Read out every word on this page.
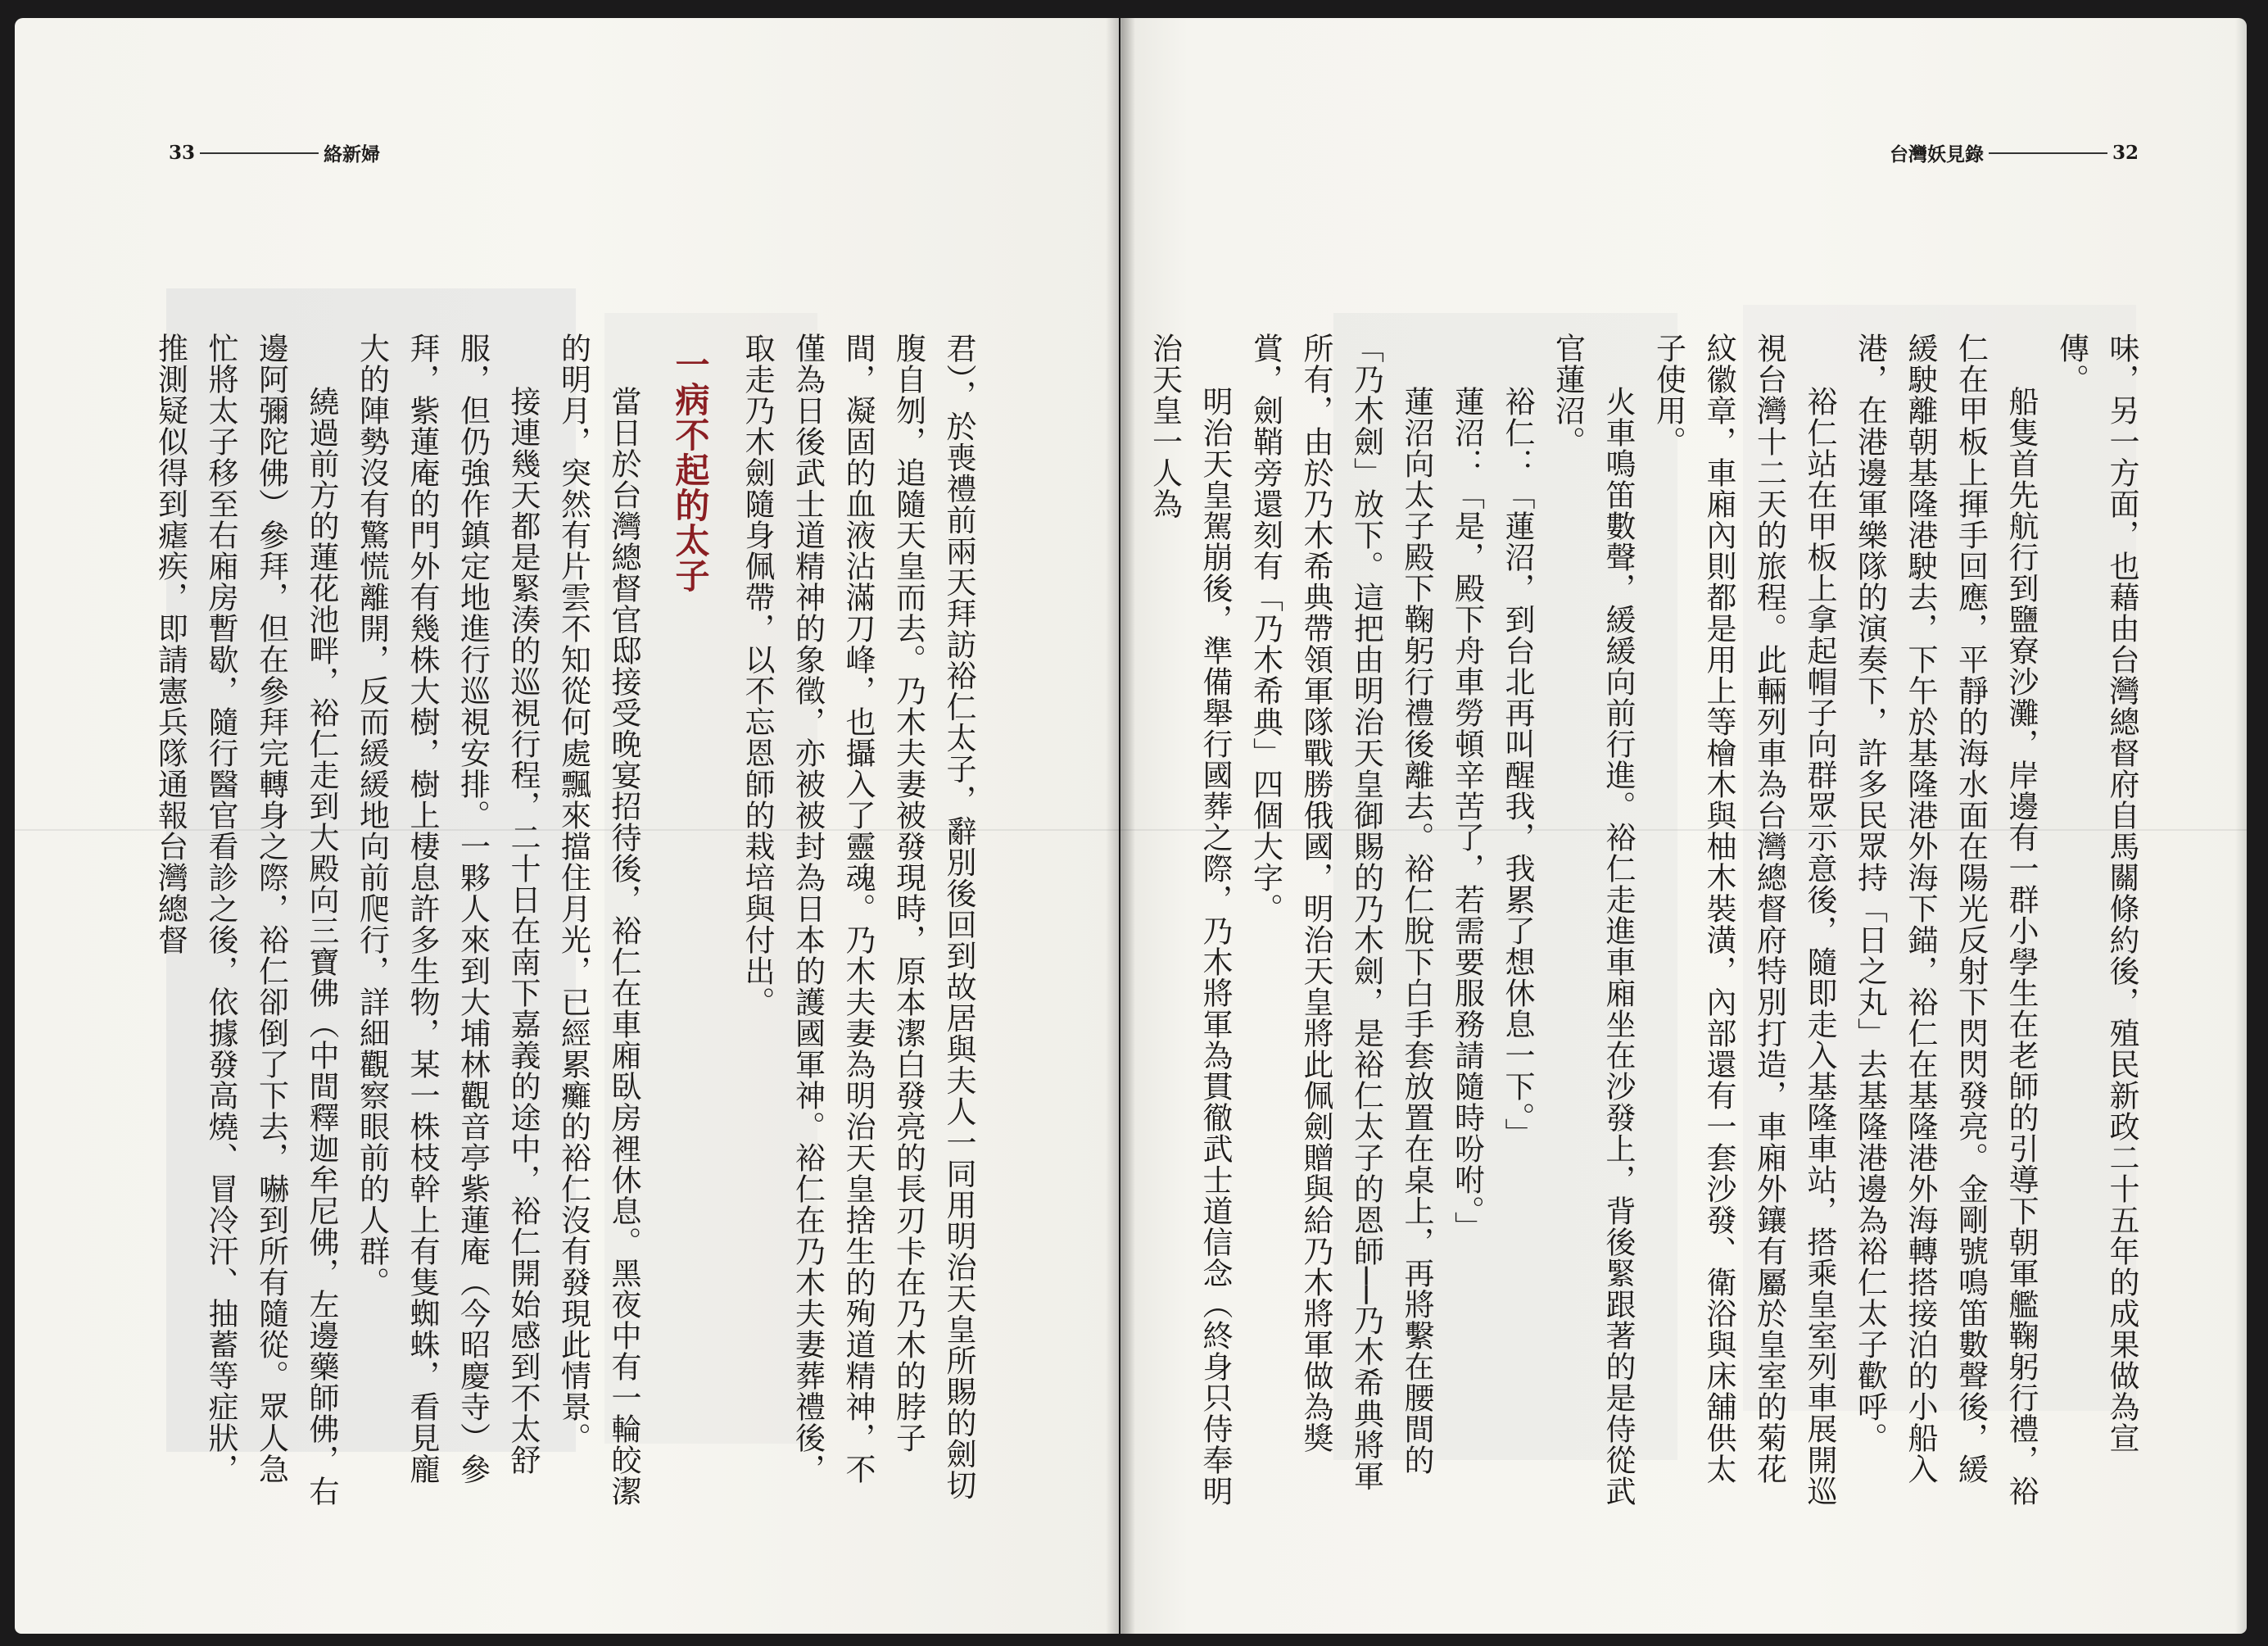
33	絡新婦

君），於喪禮前兩天拜訪裕仁太子，辭別後回到故居與夫人一同用明治天皇所賜的劍切腹自刎，追隨天皇而去。乃木夫妻被發現時，原本潔白發亮的長刃卡在乃木的脖子間，凝固的血液沾滿刀峰，也攝入了靈魂。乃木夫妻為明治天皇捨生的殉道精神，不僅為日後武士道精神的象徵，亦被被封為日本的護國軍神。裕仁在乃木夫妻葬禮後，取走乃木劍隨身佩帶，以不忘恩師的栽培與付出。

一病不起的太子

當日於台灣總督官邸接受晚宴招待後，裕仁在車廂臥房裡休息。黑夜中有一輪皎潔的明月，突然有片雲不知從何處飄來擋住月光，已經累癱的裕仁沒有發現此情景。

接連幾天都是緊湊的巡視行程，二十日在南下嘉義的途中，裕仁開始感到不太舒服，但仍強作鎮定地進行巡視安排。一夥人來到大埔林觀音亭紫蓮庵（今昭慶寺）參拜，紫蓮庵的門外有幾株大樹，樹上棲息許多生物，某一株枝幹上有隻蜘蛛，看見龐大的陣勢沒有驚慌離開，反而緩緩地向前爬行，詳細觀察眼前的人群。

繞過前方的蓮花池畔，裕仁走到大殿向三寶佛（中間釋迦牟尼佛，左邊藥師佛，右邊阿彌陀佛）參拜，但在參拜完轉身之際，裕仁卻倒了下去，嚇到所有隨從。眾人急忙將太子移至右廂房暫歇，隨行醫官看診之後，依據發高燒、冒冷汗、抽蓄等症狀，推測疑似得到瘧疾，即請憲兵隊通報台灣總督

台灣妖見錄	32

味，另一方面，也藉由台灣總督府自馬關條約後，殖民新政二十五年的成果做為宣傳。

船隻首先航行到鹽寮沙灘，岸邊有一群小學生在老師的引導下朝軍艦鞠躬行禮，裕仁在甲板上揮手回應，平靜的海水面在陽光反射下閃閃發亮。金剛號鳴笛數聲後，緩緩駛離朝基隆港駛去，下午於基隆港外海下錨，裕仁在基隆港外海轉搭接泊的小船入港，在港邊軍樂隊的演奏下，許多民眾持「日之丸」去基隆港邊為裕仁太子歡呼。

裕仁站在甲板上拿起帽子向群眾示意後，隨即走入基隆車站，搭乘皇室列車展開巡視台灣十二天的旅程。此輛列車為台灣總督府特別打造，車廂外鑲有屬於皇室的菊花紋徽章，車廂內則都是用上等檜木與柚木裝潢，內部還有一套沙發、衛浴與床舖供太子使用。

火車鳴笛數聲，緩緩向前行進。裕仁走進車廂坐在沙發上，背後緊跟著的是侍從武官蓮沼。

裕仁：「蓮沼，到台北再叫醒我，我累了想休息一下。」

蓮沼：「是，殿下舟車勞頓辛苦了，若需要服務請隨時吩咐。」

蓮沼向太子殿下鞠躬行禮後離去。裕仁脫下白手套放置在桌上，再將繫在腰間的「乃木劍」放下。這把由明治天皇御賜的乃木劍，是裕仁太子的恩師──乃木希典將軍所有，由於乃木希典帶領軍隊戰勝俄國，明治天皇將此佩劍贈與給乃木將軍做為獎賞，劍鞘旁還刻有「乃木希典」四個大字。

明治天皇駕崩後，準備舉行國葬之際，乃木將軍為貫徹武士道信念（終身只侍奉明治天皇一人為
